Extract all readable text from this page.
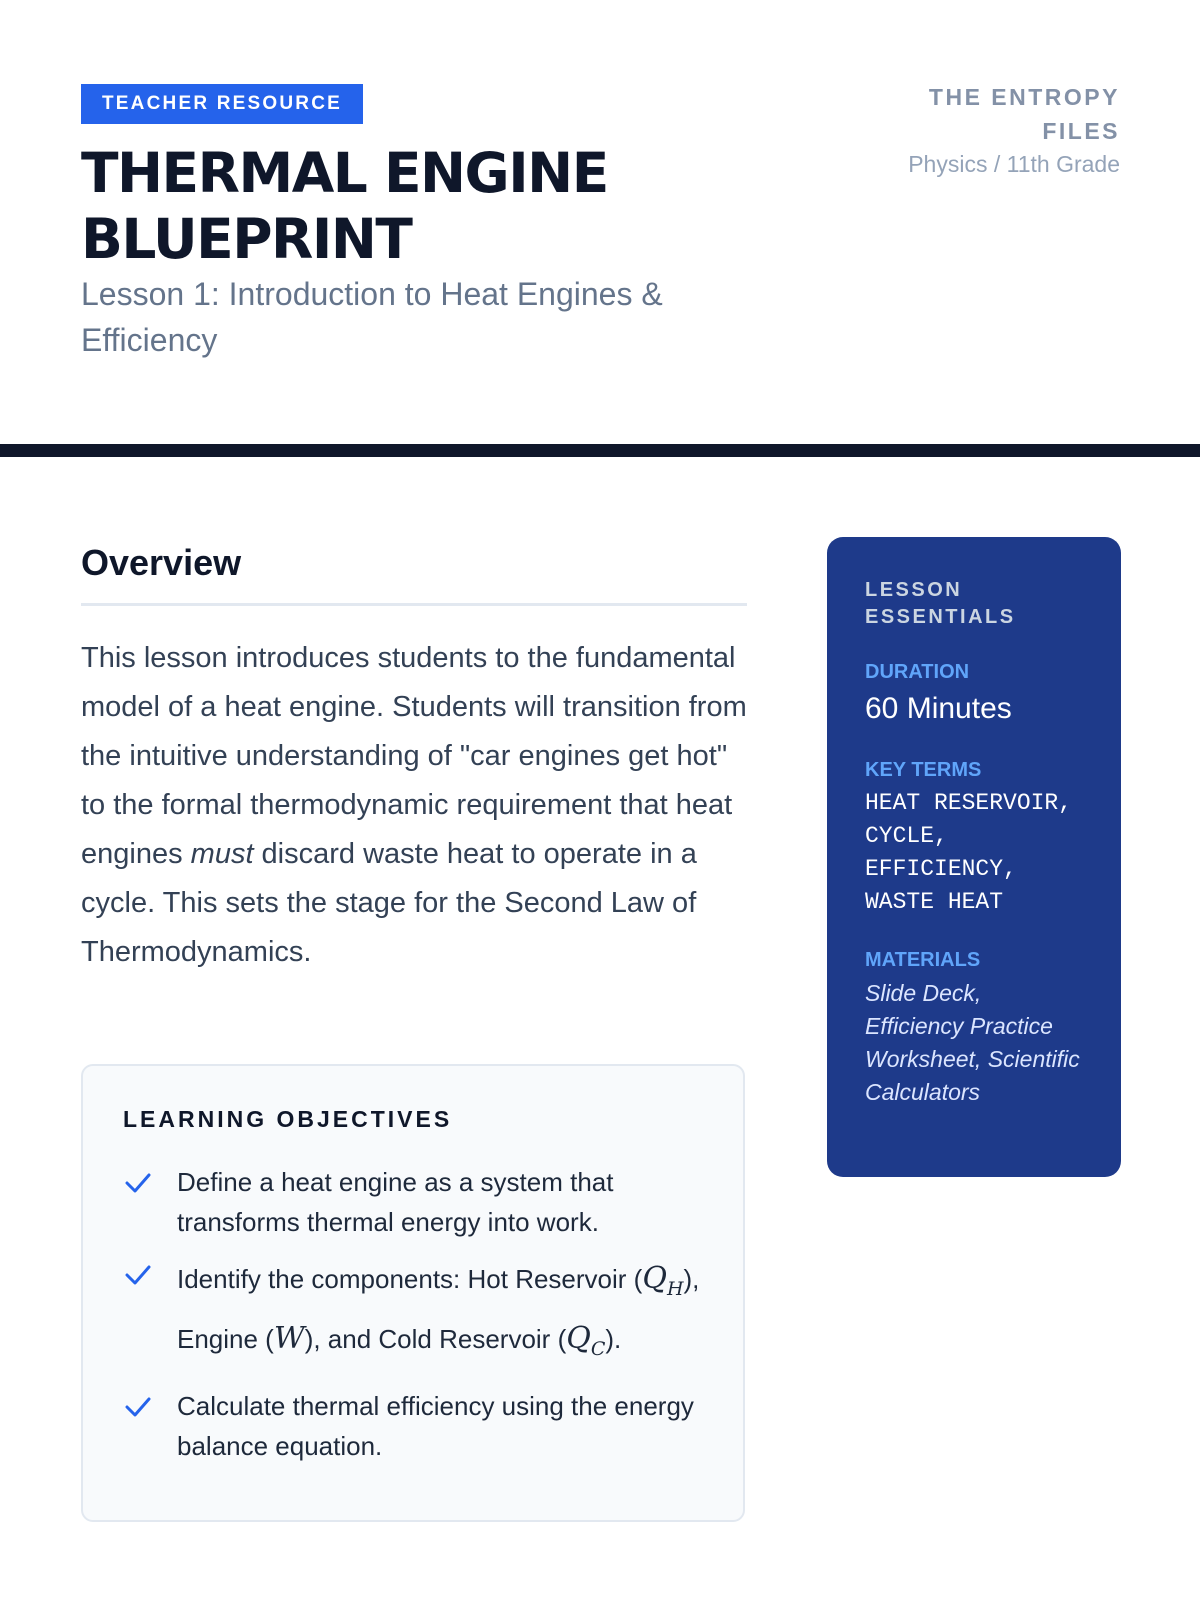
TEACHER RESOURCE
THERMAL ENGINE BLUEPRINT
Lesson 1: Introduction to Heat Engines & Efficiency
THE ENTROPY FILES
Physics / 11th Grade
Overview

This lesson introduces students to the fundamental model of a heat engine. Students will transition from the intuitive understanding of "car engines get hot" to the formal thermodynamic requirement that heat engines must discard waste heat to operate in a cycle. This sets the stage for the Second Law of Thermodynamics.

LEARNING OBJECTIVES
Define a heat engine as a system that transforms thermal energy into work.
Identify the components: Hot Reservoir $(Q_H)$, Engine (W), and Cold Reservoir $(Q_C)$.
Calculate thermal efficiency using the energy balance equation.
LESSON ESSENTIALS
DURATION
60 Minutes
KEY TERMS
HEAT RESERVOIR, CYCLE, EFFICIENCY, WASTE HEAT
MATERIALS
Slide Deck, Efficiency Practice Worksheet, Scientific Calculators
